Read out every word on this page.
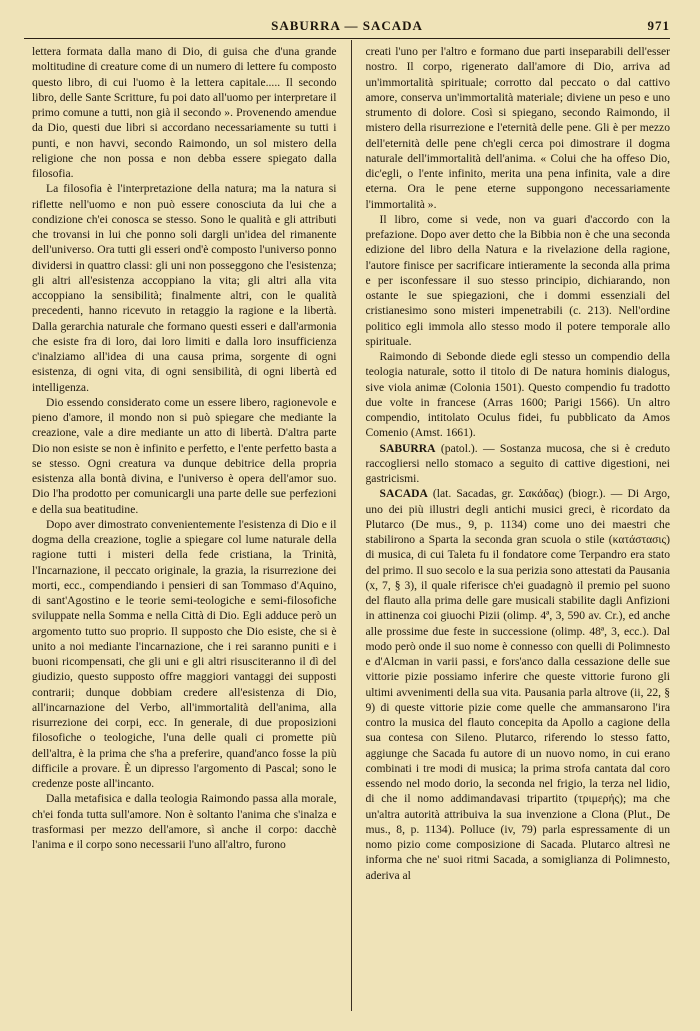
SABURRA — SACADA	971

lettera formata dalla mano di Dio, di guisa che d'una grande moltitudine di creature come di un numero di lettere fu composto questo libro, di cui l'uomo è la lettera capitale..... Il secondo libro, delle Sante Scritture, fu poi dato all'uomo per interpretare il primo comune a tutti, non già il secondo ». Provenendo amendue da Dio, questi due libri si accordano necessariamente su tutti i punti, e non havvi, secondo Raimondo, un sol mistero della religione che non possa e non debba essere spiegato dalla filosofia.

La filosofia è l'interpretazione della natura; ma la natura si riflette nell'uomo e non può essere conosciuta da lui che a condizione ch'ei conosca se stesso. Sono le qualità e gli attributi che trovansi in lui che ponno soli dargli un'idea del rimanente dell'universo. Ora tutti gli esseri ond'è composto l'universo ponno dividersi in quattro classi: gli uni non posseggono che l'esistenza; gli altri all'esistenza accoppiano la vita; gli altri alla vita accoppiano la sensibilità; finalmente altri, con le qualità precedenti, hanno ricevuto in retaggio la ragione e la libertà. Dalla gerarchia naturale che formano questi esseri e dall'armonia che esiste fra di loro, dai loro limiti e dalla loro insufficienza c'inalziamo all'idea di una causa prima, sorgente di ogni esistenza, di ogni vita, di ogni sensibilità, di ogni libertà ed intelligenza.

Dio essendo considerato come un essere libero, ragionevole e pieno d'amore, il mondo non si può spiegare che mediante la creazione, vale a dire mediante un atto di libertà. D'altra parte Dio non esiste se non è infinito e perfetto, e l'ente perfetto basta a se stesso. Ogni creatura va dunque debitrice della propria esistenza alla bontà divina, e l'universo è opera dell'amor suo. Dio l'ha prodotto per comunicargli una parte delle sue perfezioni e della sua beatitudine.

Dopo aver dimostrato convenientemente l'esistenza di Dio e il dogma della creazione, toglie a spiegare col lume naturale della ragione tutti i misteri della fede cristiana, la Trinità, l'Incarnazione, il peccato originale, la grazia, la risurrezione dei morti, ecc., compendiando i pensieri di san Tommaso d'Aquino, di sant'Agostino e le teorie semi-teologiche e semi-filosofiche sviluppate nella Somma e nella Città di Dio. Egli adduce però un argomento tutto suo proprio. Il supposto che Dio esiste, che si è unito a noi mediante l'incarnazione, che i rei saranno puniti e i buoni ricompensati, che gli uni e gli altri risusciteranno il dì del giudizio, questo supposto offre maggiori vantaggi dei supposti contrarii; dunque dobbiam credere all'esistenza di Dio, all'incarnazione del Verbo, all'immortalità dell'anima, alla risurrezione dei corpi, ecc. In generale, di due proposizioni filosofiche o teologiche, l'una delle quali ci promette più dell'altra, è la prima che s'ha a preferire, quand'anco fosse la più difficile a provare. È un dipresso l'argomento di Pascal; sono le credenze poste all'incanto.

Dalla metafisica e dalla teologia Raimondo passa alla morale, ch'ei fonda tutta sull'amore. Non è soltanto l'anima che s'inalza e trasformasi per mezzo dell'amore, sì anche il corpo: dacchè l'anima e il corpo sono necessarii l'uno all'altro, furono

creati l'uno per l'altro e formano due parti inseparabili dell'esser nostro. Il corpo, rigenerato dall'amore di Dio, arriva ad un'immortalità spirituale; corrotto dal peccato o dal cattivo amore, conserva un'immortalità materiale; diviene un peso e uno strumento di dolore. Così si spiegano, secondo Raimondo, il mistero della risurrezione e l'eternità delle pene. Gli è per mezzo dell'eternità delle pene ch'egli cerca poi dimostrare il dogma naturale dell'immortalità dell'anima. « Colui che ha offeso Dio, dic'egli, o l'ente infinito, merita una pena infinita, vale a dire eterna. Ora le pene eterne suppongono necessariamente l'immortalità ».

Il libro, come si vede, non va guari d'accordo con la prefazione. Dopo aver detto che la Bibbia non è che una seconda edizione del libro della Natura e la rivelazione della ragione, l'autore finisce per sacrificare intieramente la seconda alla prima e per isconfessare il suo stesso principio, dichiarando, non ostante le sue spiegazioni, che i dommi essenziali del cristianesimo sono misteri impenetrabili (c. 213). Nell'ordine politico egli immola allo stesso modo il potere temporale allo spirituale.

Raimondo di Sebonde diede egli stesso un compendio della teologia naturale, sotto il titolo di De natura hominis dialogus, sive viola animæ (Colonia 1501). Questo compendio fu tradotto due volte in francese (Arras 1600; Parigi 1566). Un altro compendio, intitolato Oculus fidei, fu pubblicato da Amos Comenio (Amst. 1661).

SABURRA (patol.). — Sostanza mucosa, che si è creduto raccogliersi nello stomaco a seguito di cattive digestioni, nei gastricismi.

SACADA (lat. Sacadas, gr. Σακάδας) (biogr.). — Di Argo, uno dei più illustri degli antichi musici greci, è ricordato da Plutarco (De mus., 9, p. 1134) come uno dei maestri che stabilirono a Sparta la seconda gran scuola o stile (κατάστασις) di musica, di cui Taleta fu il fondatore come Terpandro era stato del primo. Il suo secolo e la sua perizia sono attestati da Pausania (x, 7, § 3), il quale riferisce ch'ei guadagnò il premio pel suono del flauto alla prima delle gare musicali stabilite dagli Anfizioni in attinenza coi giuochi Pizii (olimp. 4ª, 3, 590 av. Cr.), ed anche alle prossime due feste in successione (olimp. 48ª, 3, ecc.). Dal modo però onde il suo nome è connesso con quelli di Polimnesto e d'Alcman in varii passi, e fors'anco dalla cessazione delle sue vittorie pizie possiamo inferire che queste vittorie furono gli ultimi avvenimenti della sua vita. Pausania parla altrove (ii, 22, § 9) di queste vittorie pizie come quelle che ammansarono l'ira contro la musica del flauto concepita da Apollo a cagione della sua contesa con Sileno. Plutarco, riferendo lo stesso fatto, aggiunge che Sacada fu autore di un nuovo nomo, in cui erano combinati i tre modi di musica; la prima strofa cantata dal coro essendo nel modo dorio, la seconda nel frigio, la terza nel lidio, di che il nomo addimandavasi tripartito (τριμερής); ma che un'altra autorità attribuiva la sua invenzione a Clona (Plut., De mus., 8, p. 1134). Polluce (iv, 79) parla espressamente di un nomo pizio come composizione di Sacada. Plutarco altresì ne informa che ne' suoi ritmi Sacada, a somiglianza di Polimnesto, aderiva al
